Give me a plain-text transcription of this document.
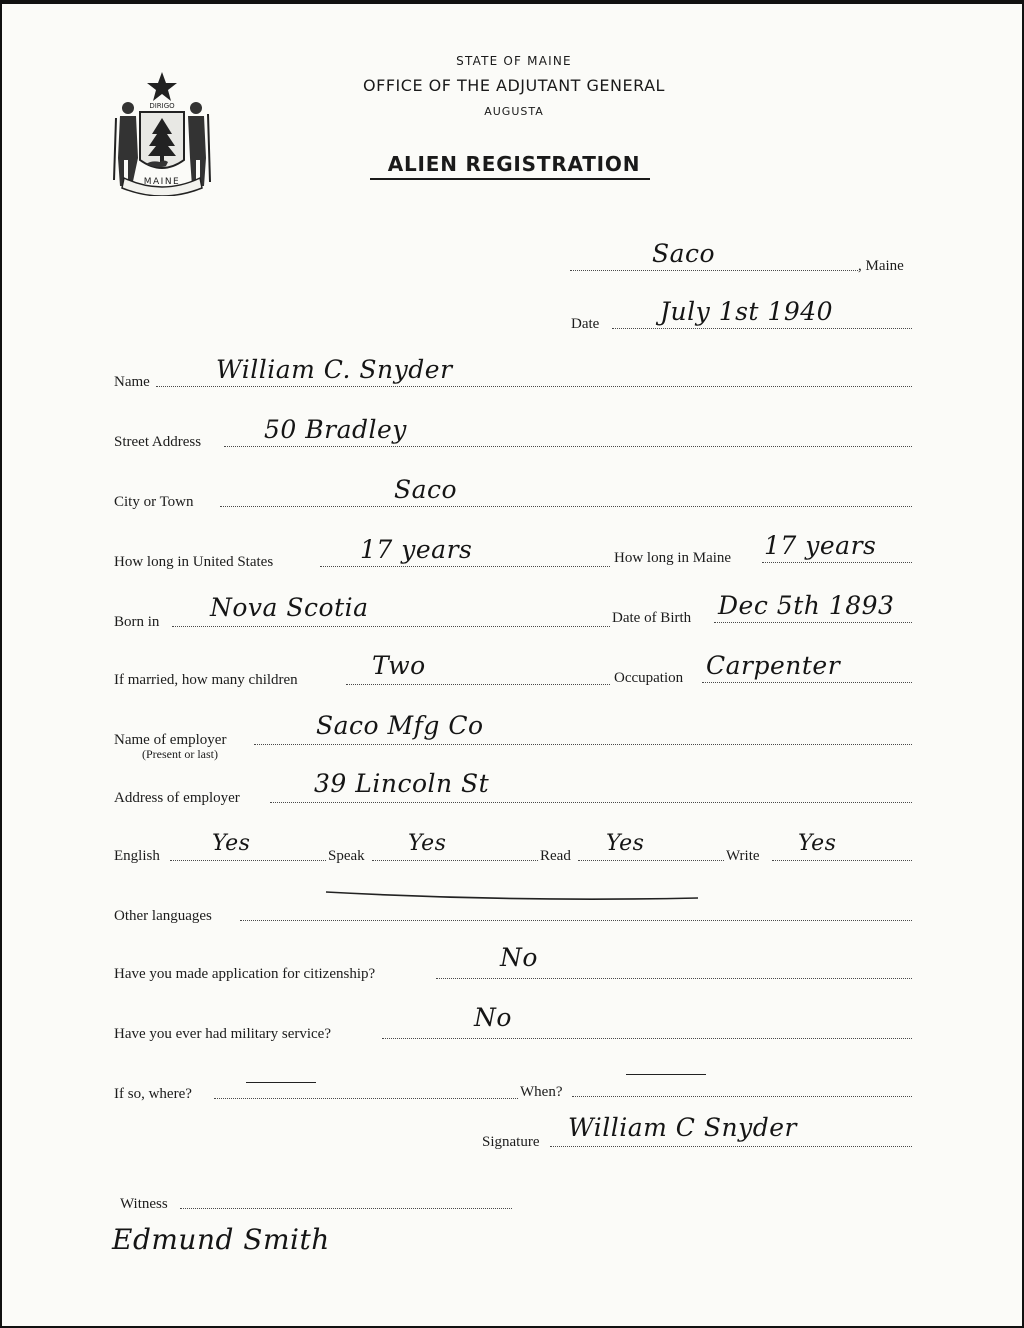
DIRIGO
MAINE
STATE OF MAINE
OFFICE OF THE ADJUTANT GENERAL
AUGUSTA
ALIEN REGISTRATION
Saco	, Maine
Date July 1st 1940
Name	William C. Snyder
Street Address	50 Bradley
City or Town	Saco
How long in United States	17 years	How long in Maine 17 years
Born in Nova Scotia	Date of Birth Dec 5th 1893
If married, how many children	Two	Occupation Carpenter
Name of employer
(Present or last)
Saco Mfg Co
Address of employer	39 Lincoln St
English Yes	Speak Yes	Read Yes	Write Yes
Other languages
Have you made application for citizenship?
No
Have you ever had military service?
No
If so, where?	When?
Signature William C Snyder
Witness
Edmund Smith
